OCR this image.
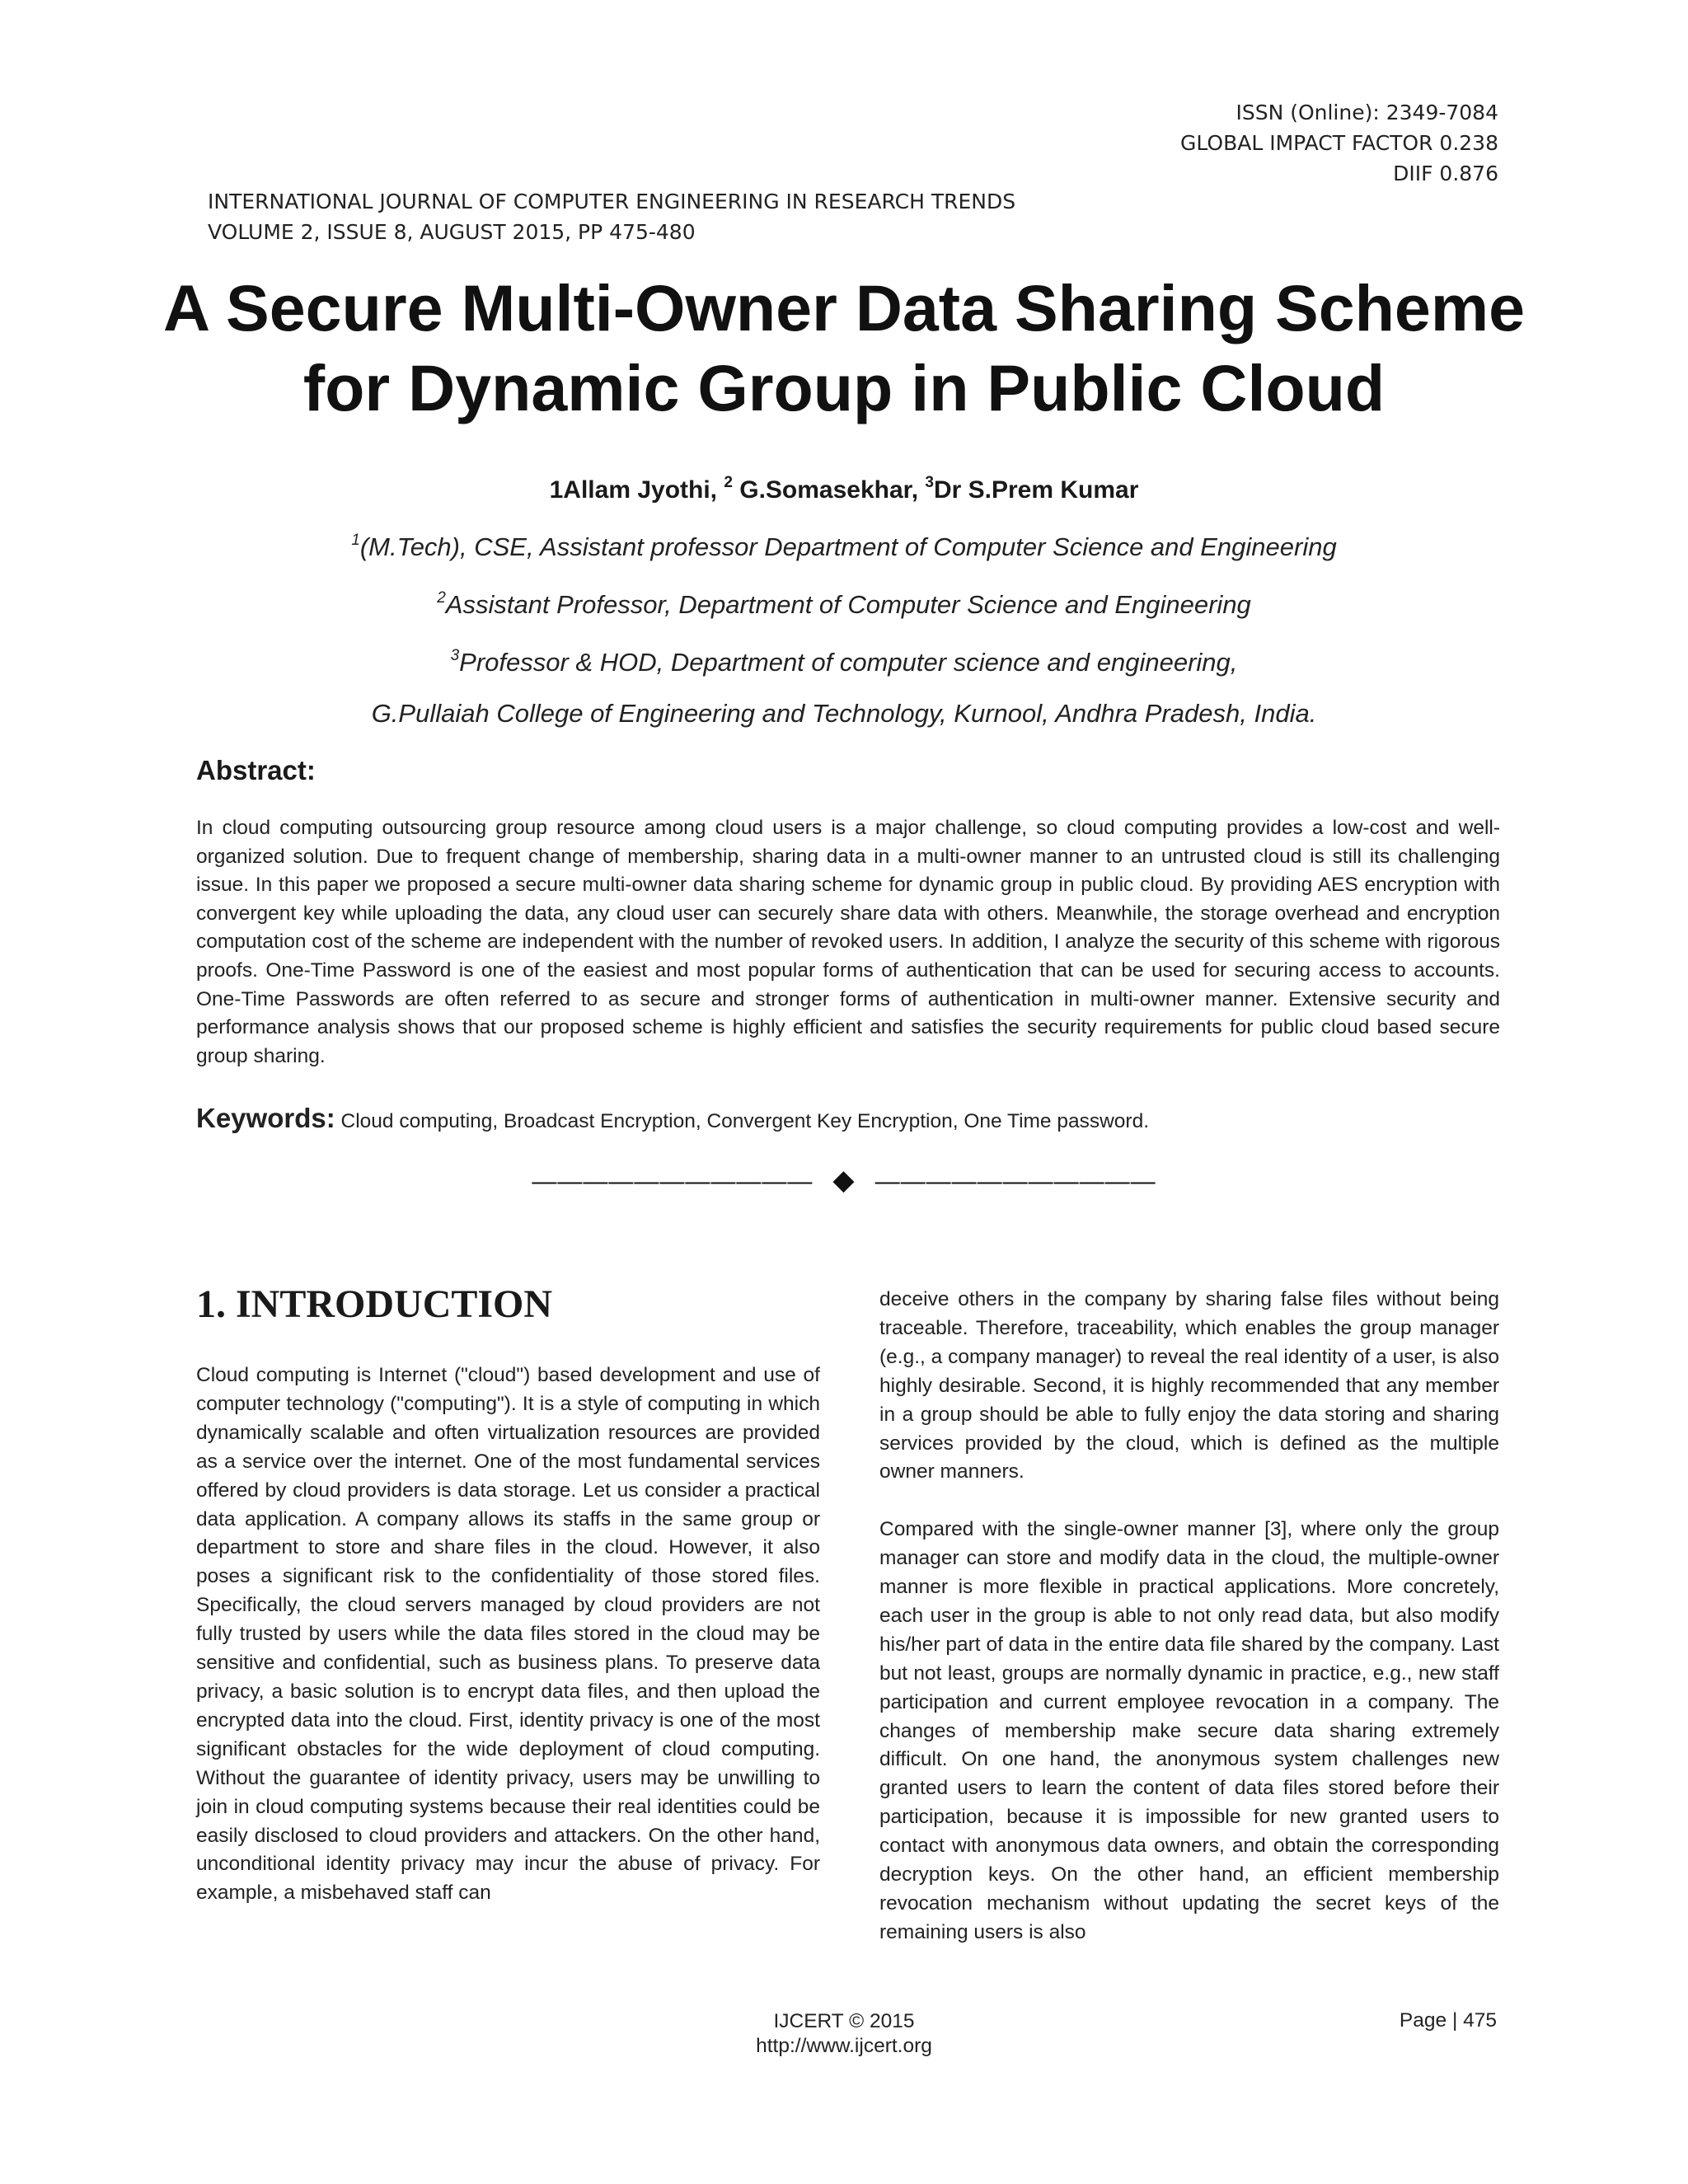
ISSN (Online): 2349-7084
GLOBAL IMPACT FACTOR 0.238
DIIF 0.876
INTERNATIONAL JOURNAL OF COMPUTER ENGINEERING IN RESEARCH TRENDS
VOLUME 2, ISSUE 8, AUGUST 2015, PP 475-480
A Secure Multi-Owner Data Sharing Scheme
for Dynamic Group in Public Cloud
1Allam Jyothi, $^2$ G.Somasekhar, $^3$Dr S.Prem Kumar
$^1$(M.Tech), CSE, Assistant professor Department of Computer Science and Engineering
$^2$Assistant Professor, Department of Computer Science and Engineering
$^3$Professor & HOD, Department of computer science and engineering,
G.Pullaiah College of Engineering and Technology, Kurnool, Andhra Pradesh, India.
Abstract:
In cloud computing outsourcing group resource among cloud users is a major challenge, so cloud computing provides a low-cost and well-organized solution. Due to frequent change of membership, sharing data in a multi-owner manner to an untrusted cloud is still its challenging issue. In this paper we proposed a secure multi-owner data sharing scheme for dynamic group in public cloud. By providing AES encryption with convergent key while uploading the data, any cloud user can securely share data with others. Meanwhile, the storage overhead and encryption computation cost of the scheme are independent with the number of revoked users. In addition, I analyze the security of this scheme with rigorous proofs. One-Time Password is one of the easiest and most popular forms of authentication that can be used for securing access to accounts. One-Time Passwords are often referred to as secure and stronger forms of authentication in multi-owner manner. Extensive security and performance analysis shows that our proposed scheme is highly efficient and satisfies the security requirements for public cloud based secure group sharing.
Keywords: Cloud computing, Broadcast Encryption, Convergent Key Encryption, One Time password.
——————————— ◆ ———————————
1. INTRODUCTION

Cloud computing is Internet ("cloud") based development and use of computer technology ("computing"). It is a style of computing in which dynamically scalable and often virtualization resources are provided as a service over the internet. One of the most fundamental services offered by cloud providers is data storage. Let us consider a practical data application. A company allows its staffs in the same group or department to store and share files in the cloud. However, it also poses a significant risk to the confidentiality of those stored files. Specifically, the cloud servers managed by cloud providers are not fully trusted by users while the data files stored in the cloud may be sensitive and confidential, such as business plans. To preserve data privacy, a basic solution is to encrypt data files, and then upload the encrypted data into the cloud. First, identity privacy is one of the most significant obstacles for the wide deployment of cloud computing. Without the guarantee of identity privacy, users may be unwilling to join in cloud computing systems because their real identities could be easily disclosed to cloud providers and attackers. On the other hand, unconditional identity privacy may incur the abuse of privacy. For example, a misbehaved staff can

deceive others in the company by sharing false files without being traceable. Therefore, traceability, which enables the group manager (e.g., a company manager) to reveal the real identity of a user, is also highly desirable. Second, it is highly recommended that any member in a group should be able to fully enjoy the data storing and sharing services provided by the cloud, which is defined as the multiple owner manners.

Compared with the single-owner manner [3], where only the group manager can store and modify data in the cloud, the multiple-owner manner is more flexible in practical applications. More concretely, each user in the group is able to not only read data, but also modify his/her part of data in the entire data file shared by the company. Last but not least, groups are normally dynamic in practice, e.g., new staff participation and current employee revocation in a company. The changes of membership make secure data sharing extremely difficult. On one hand, the anonymous system challenges new granted users to learn the content of data files stored before their participation, because it is impossible for new granted users to contact with anonymous data owners, and obtain the corresponding decryption keys. On the other hand, an efficient membership revocation mechanism without updating the secret keys of the remaining users is also

IJCERT © 2015
http://www.ijcert.org
Page | 475
